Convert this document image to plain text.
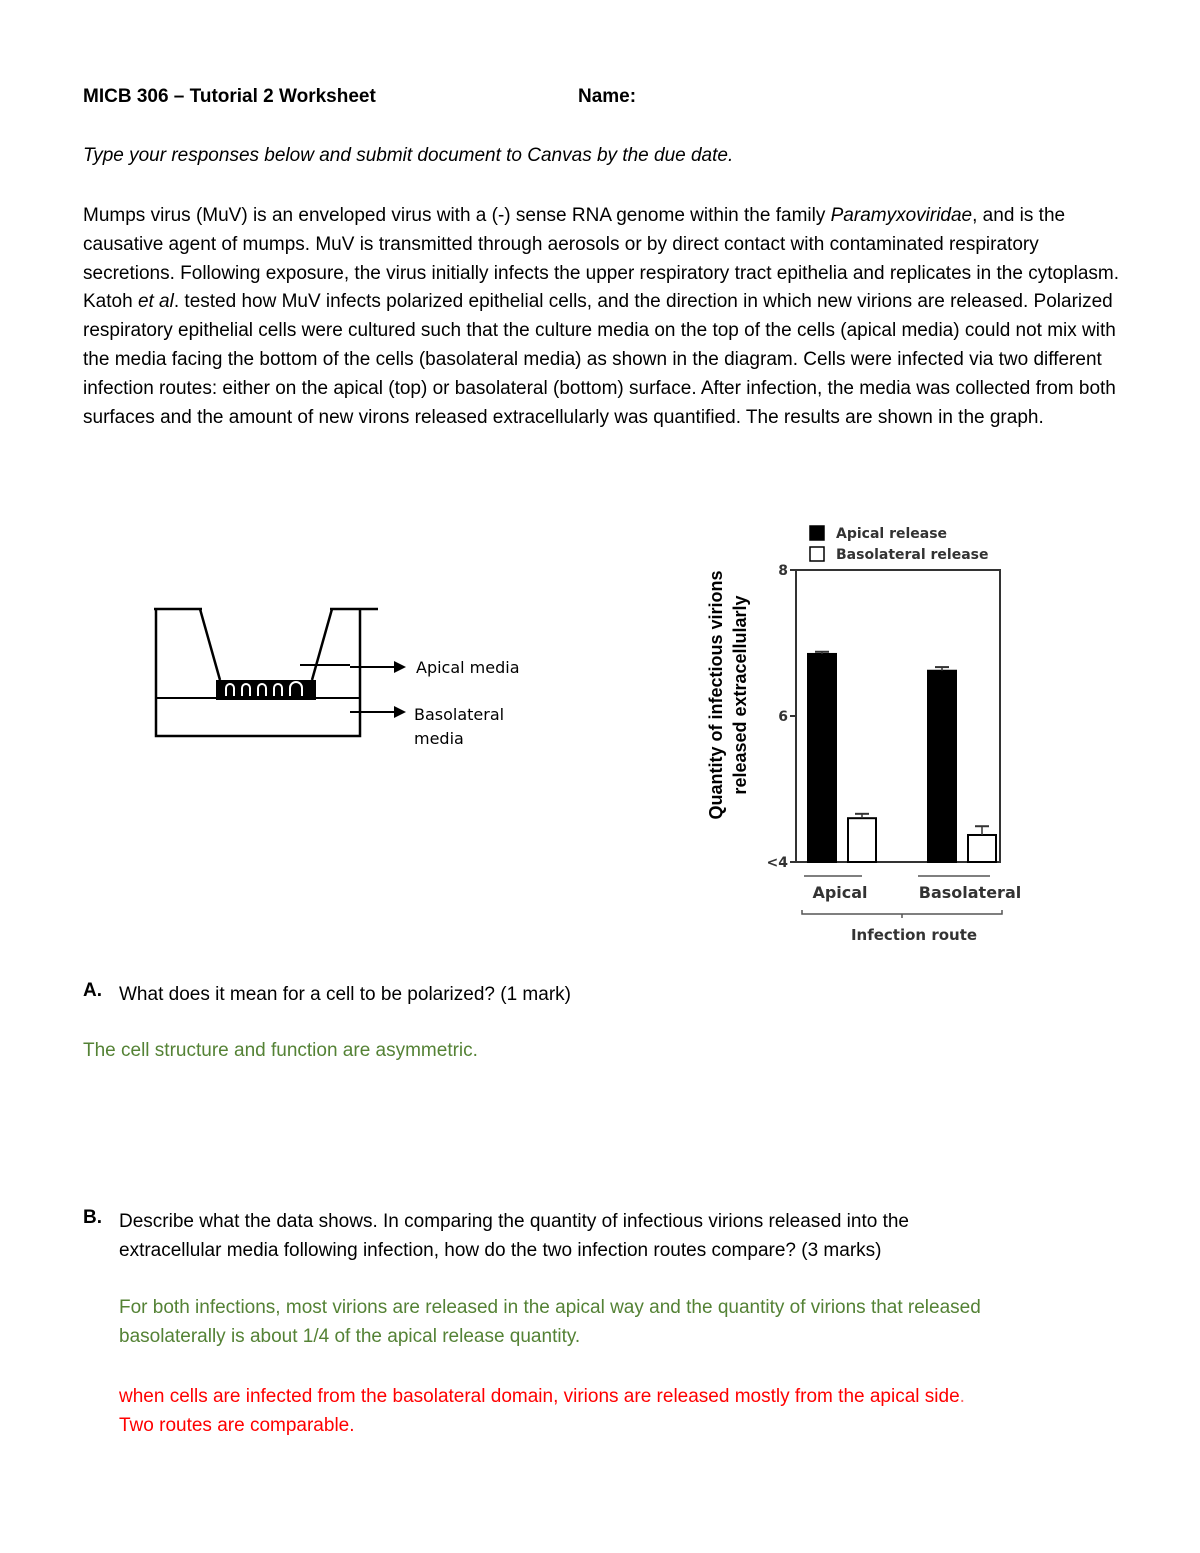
MICB 306 – Tutorial 2 Worksheet	Name:
Type your responses below and submit document to Canvas by the due date.

Mumps virus (MuV) is an enveloped virus with a (-) sense RNA genome within the family Paramyxoviridae, and is the causative agent of mumps. MuV is transmitted through aerosols or by direct contact with contaminated respiratory secretions. Following exposure, the virus initially infects the upper respiratory tract epithelia and replicates in the cytoplasm. Katoh et al. tested how MuV infects polarized epithelial cells, and the direction in which new virions are released. Polarized respiratory epithelial cells were cultured such that the culture media on the top of the cells (apical media) could not mix with the media facing the bottom of the cells (basolateral media) as shown in the diagram. Cells were infected via two different infection routes: either on the apical (top) or basolateral (bottom) surface. After infection, the media was collected from both surfaces and the amount of new virons released extracellularly was quantified. The results are shown in the graph.

Apical media
Basolateral
media	Quantity of infectious virions released extracellularly
Apical release
Basolateral release
<4
6
8
Apical	Basolateral
Infection route
A. What does it mean for a cell to be polarized? (1 mark)
The cell structure and function are asymmetric.
B. Describe what the data shows. In comparing the quantity of infectious virions released into the
extracellular media following infection, how do the two infection routes compare? (3 marks)
For both infections, most virions are released in the apical way and the quantity of virions that released
basolaterally is about 1/4 of the apical release quantity.
when cells are infected from the basolateral domain, virions are released mostly from the apical side.
Two routes are comparable.
